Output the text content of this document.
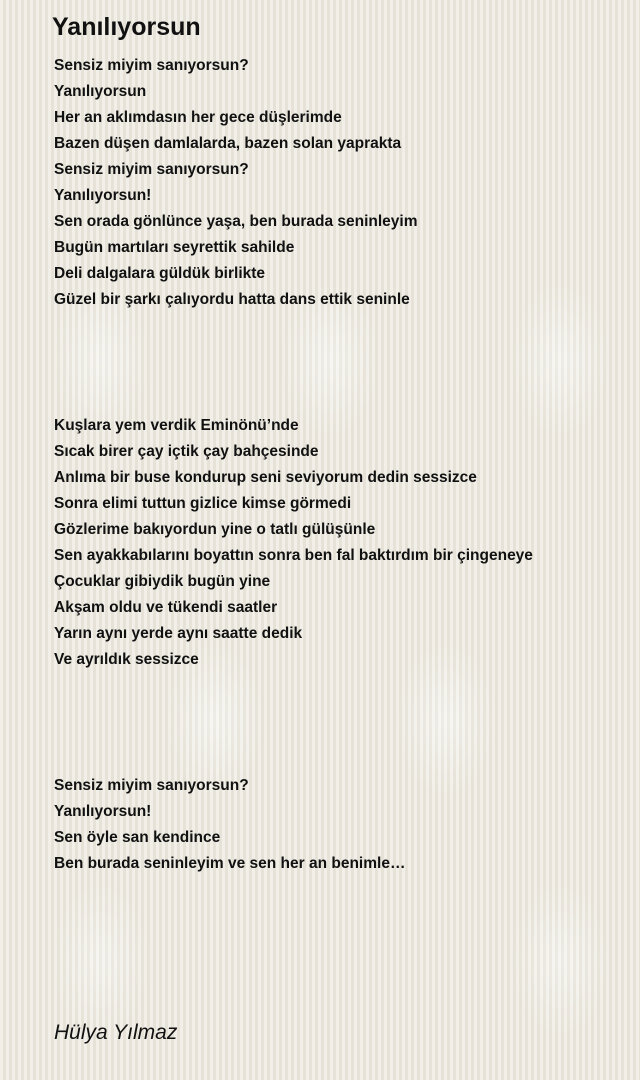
Yanılıyorsun
Sensiz miyim sanıyorsun?
Yanılıyorsun
Her an aklımdasın her gece düşlerimde
Bazen düşen damlalarda, bazen solan yaprakta
Sensiz miyim sanıyorsun?
Yanılıyorsun!
Sen orada gönlünce yaşa, ben burada seninleyim
Bugün martıları seyrettik sahilde
Deli dalgalara güldük birlikte
Güzel bir şarkı çalıyordu hatta dans ettik seninle
Kuşlara yem verdik Eminönü’nde
Sıcak birer çay içtik çay bahçesinde
Anlıma bir buse kondurup seni seviyorum dedin sessizce
Sonra elimi tuttun gizlice kimse görmedi
Gözlerime bakıyordun yine o tatlı gülüşünle
Sen ayakkabılarını boyattın sonra ben fal baktırdım bir çingeneye
Çocuklar gibiydik bugün yine
Akşam oldu ve tükendi saatler
Yarın aynı yerde aynı saatte dedik
Ve ayrıldık sessizce
Sensiz miyim sanıyorsun?
Yanılıyorsun!
Sen öyle san kendince
Ben burada seninleyim ve sen her an benimle…

Hülya Yılmaz
